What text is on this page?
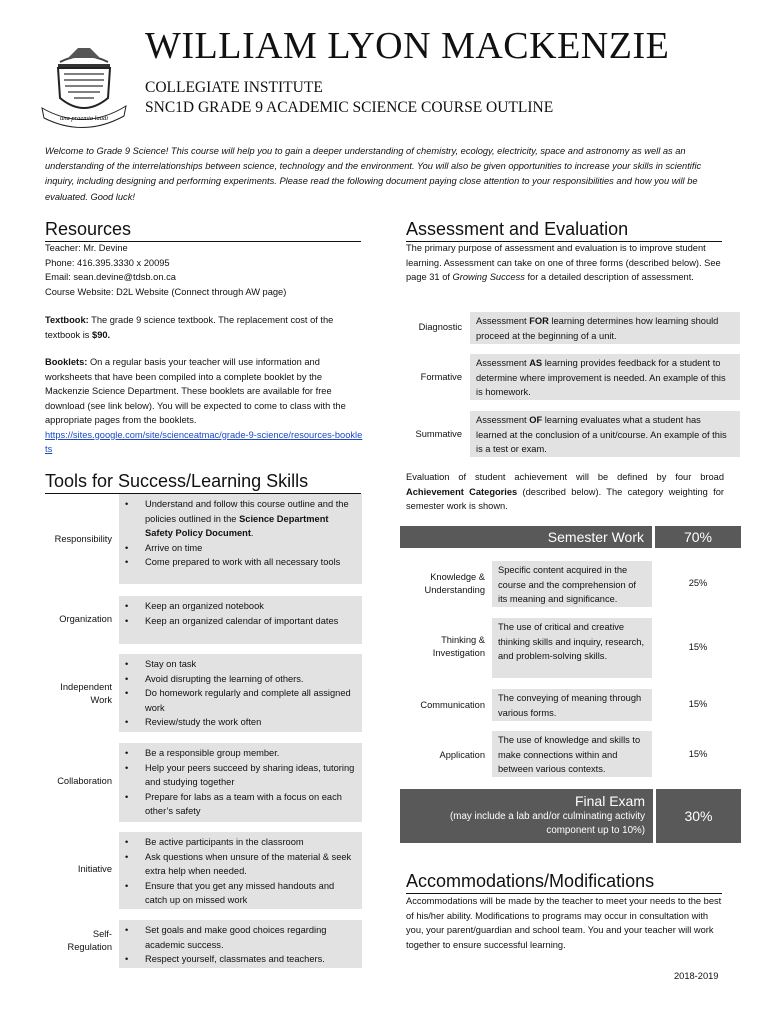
una praemia laudi
WILLIAM LYON MACKENZIE
COLLEGIATE INSTITUTE
SNC1D GRADE 9 ACADEMIC SCIENCE COURSE OUTLINE
Welcome to Grade 9 Science! This course will help you to gain a deeper understanding of chemistry, ecology, electricity, space and astronomy as well as an understanding of the interrelationships between science, technology and the environment. You will also be given opportunities to increase your skills in scientific inquiry, including designing and performing experiments. Please read the following document paying close attention to your responsibilities and how you will be evaluated. Good luck!
Resources
Teacher: Mr. Devine
Phone: 416.395.3330 x 20095
Email: sean.devine@tdsb.on.ca
Course Website: D2L Website (Connect through AW page)
Textbook: The grade 9 science textbook. The replacement cost of the textbook is $90.
Booklets: On a regular basis your teacher will use information and worksheets that have been compiled into a complete booklet by the Mackenzie Science Department. These booklets are available for free download (see link below). You will be expected to come to class with the appropriate pages from the booklets.
https://sites.google.com/site/scienceatmac/grade-9-science/resources-booklets
Tools for Success/Learning Skills
Responsibility
• Understand and follow this course outline and the policies outlined in the Science Department Safety Policy Document.
• Arrive on time
• Come prepared to work with all necessary tools
Organization
• Keep an organized notebook
• Keep an organized calendar of important dates
Independent Work
• Stay on task
• Avoid disrupting the learning of others.
• Do homework regularly and complete all assigned work
• Review/study the work often
Collaboration
• Be a responsible group member.
• Help your peers succeed by sharing ideas, tutoring and studying together
• Prepare for labs as a team with a focus on each other’s safety
Initiative
• Be active participants in the classroom
• Ask questions when unsure of the material & seek extra help when needed.
• Ensure that you get any missed handouts and catch up on missed work
Self-Regulation
• Set goals and make good choices regarding academic success.
• Respect yourself, classmates and teachers.
Assessment and Evaluation
The primary purpose of assessment and evaluation is to improve student learning. Assessment can take on one of three forms (described below). See page 31 of Growing Success for a detailed description of assessment.
Diagnostic
Assessment FOR learning determines how learning should proceed at the beginning of a unit.
Formative
Assessment AS learning provides feedback for a student to determine where improvement is needed. An example of this is homework.
Summative
Assessment OF learning evaluates what a student has learned at the conclusion of a unit/course. An example of this is a test or exam.
Evaluation of student achievement will be defined by four broad Achievement Categories (described below). The category weighting for semester work is shown.
Semester Work	70%
Knowledge & Understanding
Specific content acquired in the course and the comprehension of its meaning and significance.
25%
Thinking & Investigation
The use of critical and creative thinking skills and inquiry, research, and problem-solving skills.
15%
Communication
The conveying of meaning through various forms.
15%
Application
The use of knowledge and skills to make connections within and between various contexts.
15%
Final Exam
(may include a lab and/or culminating activity component up to 10%)
30%
Accommodations/Modifications
Accommodations will be made by the teacher to meet your needs to the best of his/her ability. Modifications to programs may occur in consultation with you, your parent/guardian and school team. You and your teacher will work together to ensure successful learning.
2018-2019
